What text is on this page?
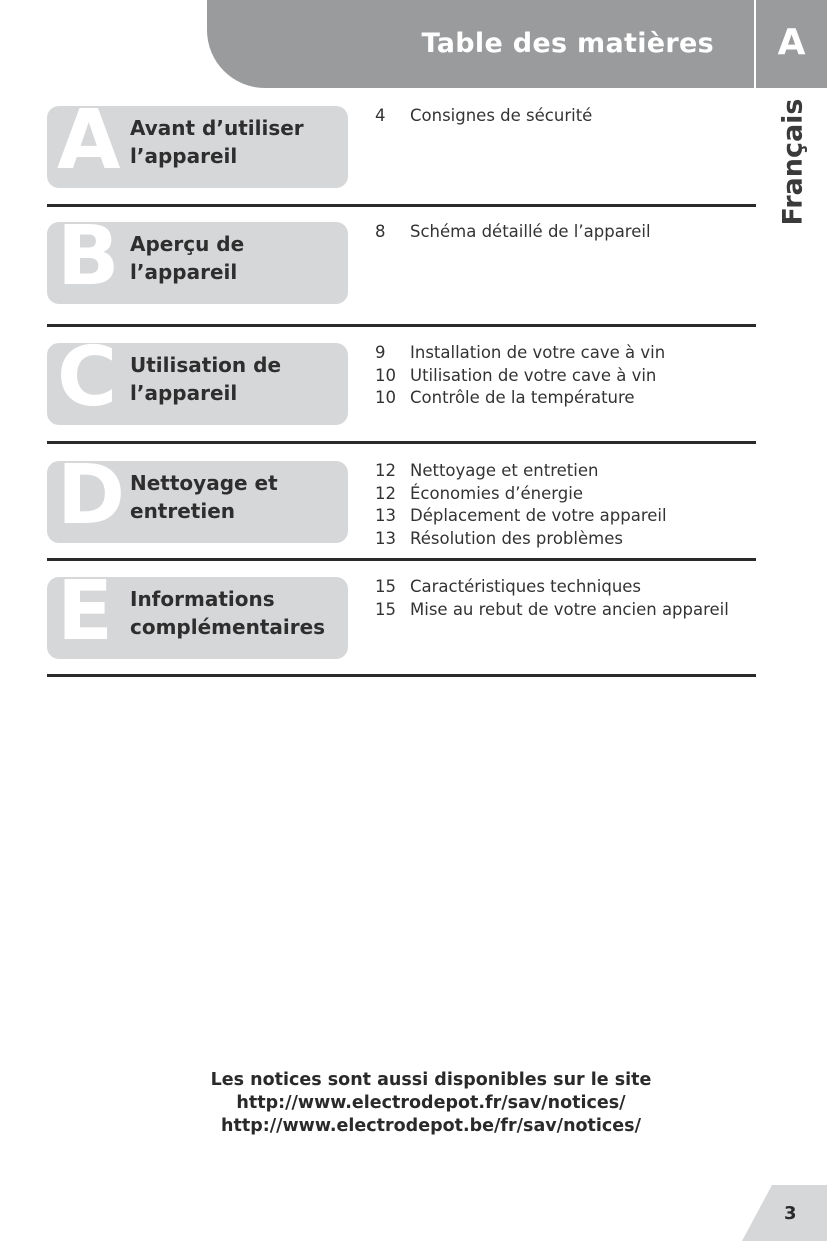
Table des matières	A
Français
A Avant d’utiliser l’appareil
4 Consignes de sécurité
B Aperçu de l’appareil
8 Schéma détaillé de l’appareil
C Utilisation de l’appareil
9 Installation de votre cave à vin
10 Utilisation de votre cave à vin
10 Contrôle de la température
D Nettoyage et entretien
12 Nettoyage et entretien
12 Économies d’énergie
13 Déplacement de votre appareil
13 Résolution des problèmes
E Informations complémentaires
15 Caractéristiques techniques
15 Mise au rebut de votre ancien appareil
Les notices sont aussi disponibles sur le site
http://www.electrodepot.fr/sav/notices/
http://www.electrodepot.be/fr/sav/notices/
3
